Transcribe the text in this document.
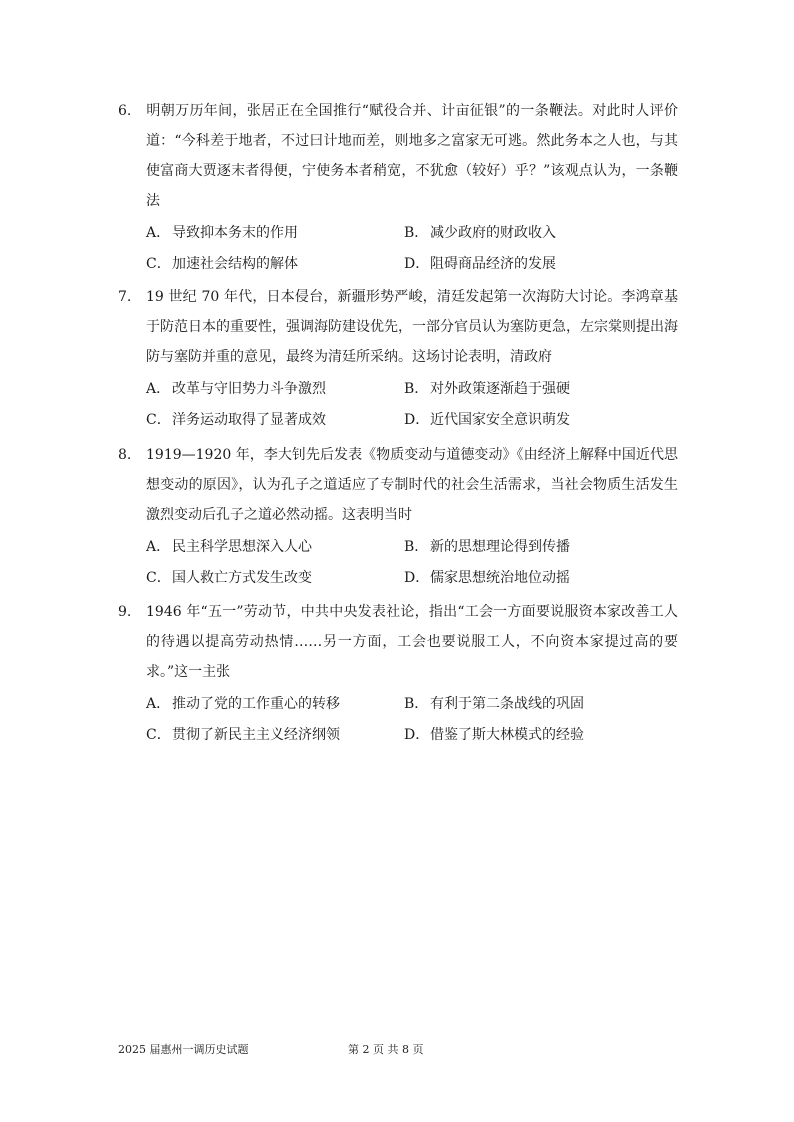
6. 明朝万历年间，张居正在全国推行“赋役合并、计亩征银”的一条鞭法。对此时人评价道：“今科差于地者，不过曰计地而差，则地多之富家无可逃。然此务本之人也，与其使富商大贾逐末者得便，宁使务本者稍宽，不犹愈（较好）乎？”该观点认为，一条鞭法

A． 导致抑本务末的作用	B． 减少政府的财政收入
C．加速社会结构的解体	D．阻碍商品经济的发展

7. 19 世纪 70 年代，日本侵台，新疆形势严峻，清廷发起第一次海防大讨论。李鸿章基于防范日本的重要性，强调海防建设优先，一部分官员认为塞防更急，左宗棠则提出海防与塞防并重的意见，最终为清廷所采纳。这场讨论表明，清政府

A． 改革与守旧势力斗争激烈	B． 对外政策逐渐趋于强硬
C．洋务运动取得了显著成效	D．近代国家安全意识萌发

8. 1919—1920 年，李大钊先后发表《物质变动与道德变动》《由经济上解释中国近代思想变动的原因》，认为孔子之道适应了专制时代的社会生活需求，当社会物质生活发生激烈变动后孔子之道必然动摇。这表明当时

A． 民主科学思想深入人心	B． 新的思想理论得到传播
C．国人救亡方式发生改变	D．儒家思想统治地位动摇

9. 1946 年“五一”劳动节，中共中央发表社论，指出“工会一方面要说服资本家改善工人的待遇以提高劳动热情……另一方面，工会也要说服工人，不向资本家提过高的要求。”这一主张

A． 推动了党的工作重心的转移	B． 有利于第二条战线的巩固
C．贯彻了新民主主义经济纲领	D．借鉴了斯大林模式的经验
2025 届惠州一调历史试题	第 2 页 共 8 页
